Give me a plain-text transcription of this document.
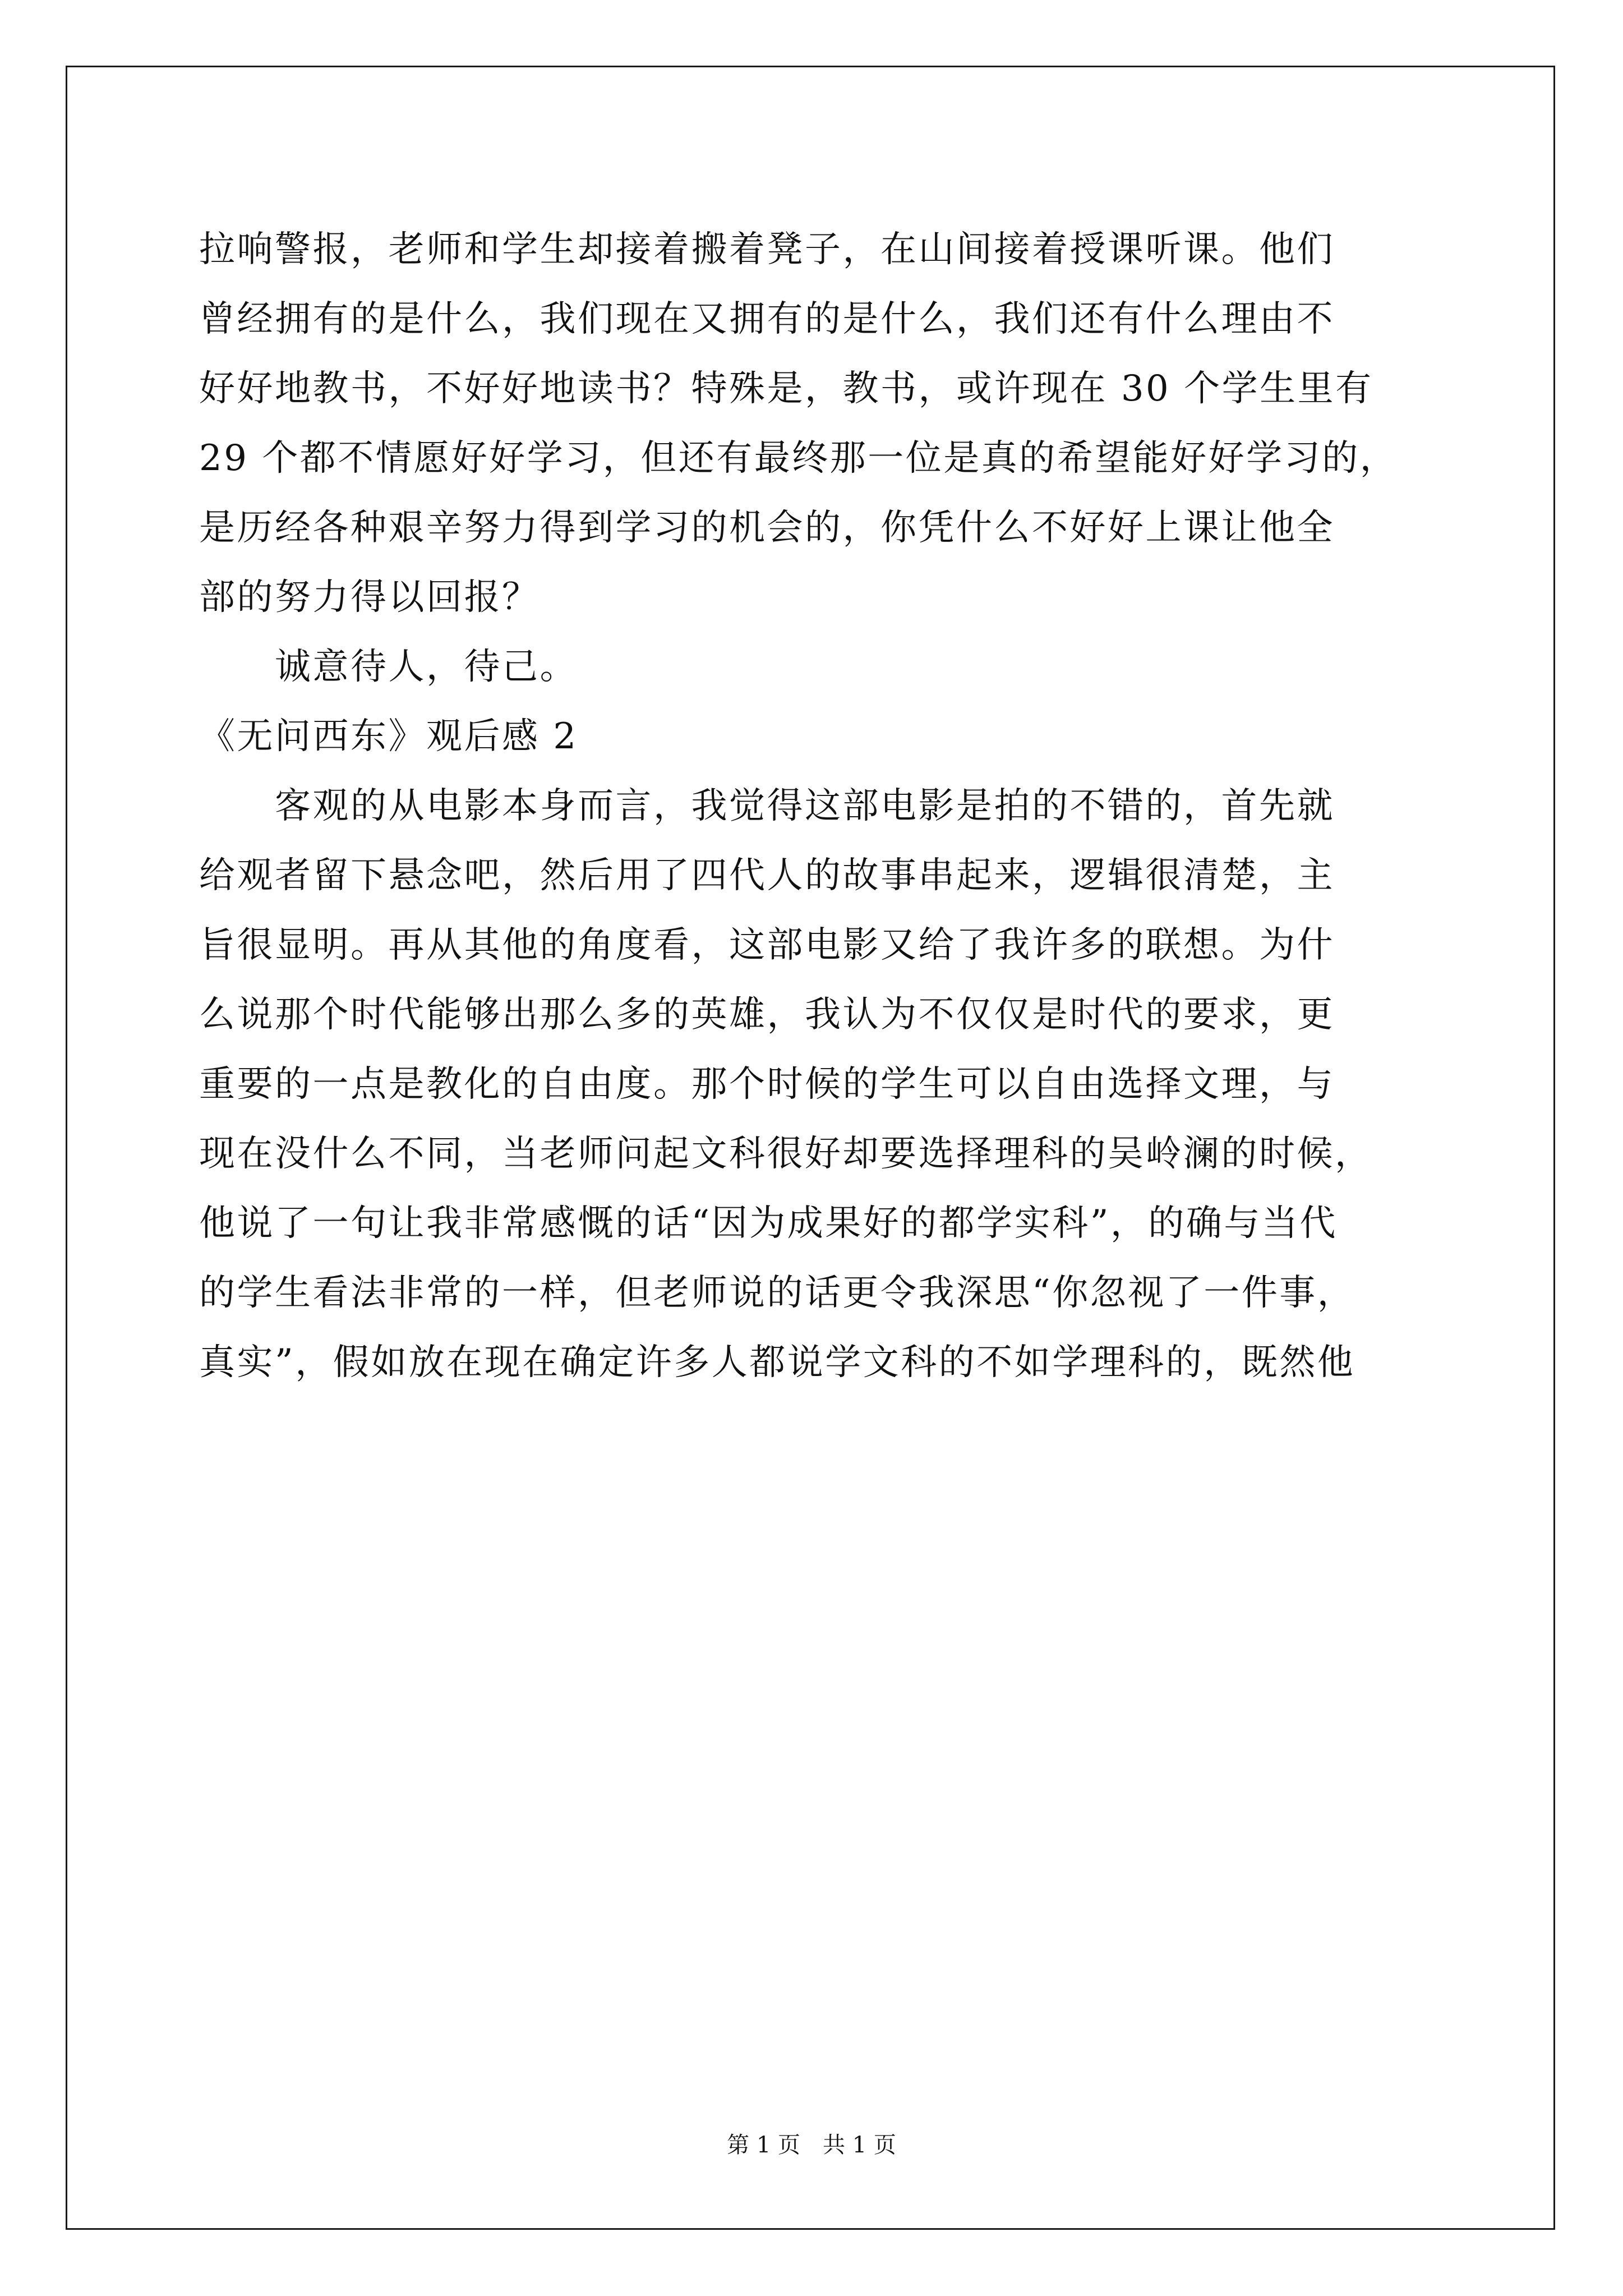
拉响警报，老师和学生却接着搬着凳子，在山间接着授课听课。他们
曾经拥有的是什么，我们现在又拥有的是什么，我们还有什么理由不
好好地教书，不好好地读书？特殊是，教书，或许现在 30 个学生里有
29 个都不情愿好好学习，但还有最终那一位是真的希望能好好学习的，
是历经各种艰辛努力得到学习的机会的，你凭什么不好好上课让他全
部的努力得以回报？
诚意待人，待己。
《无问西东》观后感 2
客观的从电影本身而言，我觉得这部电影是拍的不错的，首先就
给观者留下悬念吧，然后用了四代人的故事串起来，逻辑很清楚，主
旨很显明。再从其他的角度看，这部电影又给了我许多的联想。为什
么说那个时代能够出那么多的英雄，我认为不仅仅是时代的要求，更
重要的一点是教化的自由度。那个时候的学生可以自由选择文理，与
现在没什么不同，当老师问起文科很好却要选择理科的吴岭澜的时候，
他说了一句让我非常感慨的话“因为成果好的都学实科”，的确与当代
的学生看法非常的一样，但老师说的话更令我深思“你忽视了一件事，
真实”，假如放在现在确定许多人都说学文科的不如学理科的，既然他
第 1 页 共 1 页
